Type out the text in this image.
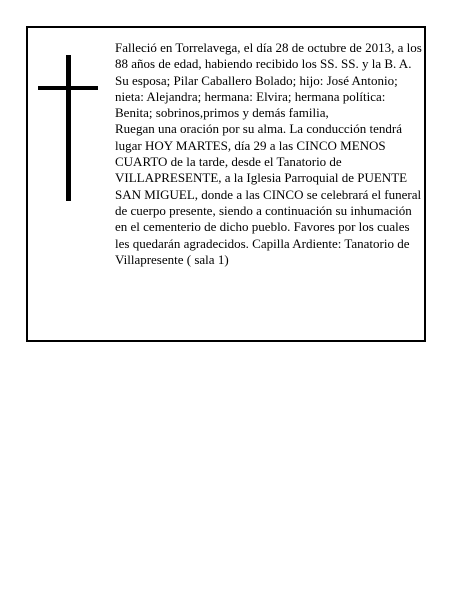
Falleció en Torrelavega, el día 28 de octubre de 2013, a los 88 años de edad, habiendo recibido los SS. SS. y la B. A.

Su esposa; Pilar Caballero Bolado; hijo: José Antonio; nieta: Alejandra; hermana: Elvira; hermana política: Benita; sobrinos,primos y demás familia,

Ruegan una oración por su alma. La conducción tendrá lugar HOY MARTES, día 29 a las CINCO MENOS CUARTO de la tarde, desde el Tanatorio de VILLAPRESENTE, a la Iglesia Parroquial de PUENTE SAN MIGUEL, donde a las CINCO se celebrará el funeral de cuerpo presente, siendo a continuación su inhumación en el cementerio de dicho pueblo. Favores por los cuales les quedarán agradecidos. Capilla Ardiente: Tanatorio de Villapresente ( sala 1)
